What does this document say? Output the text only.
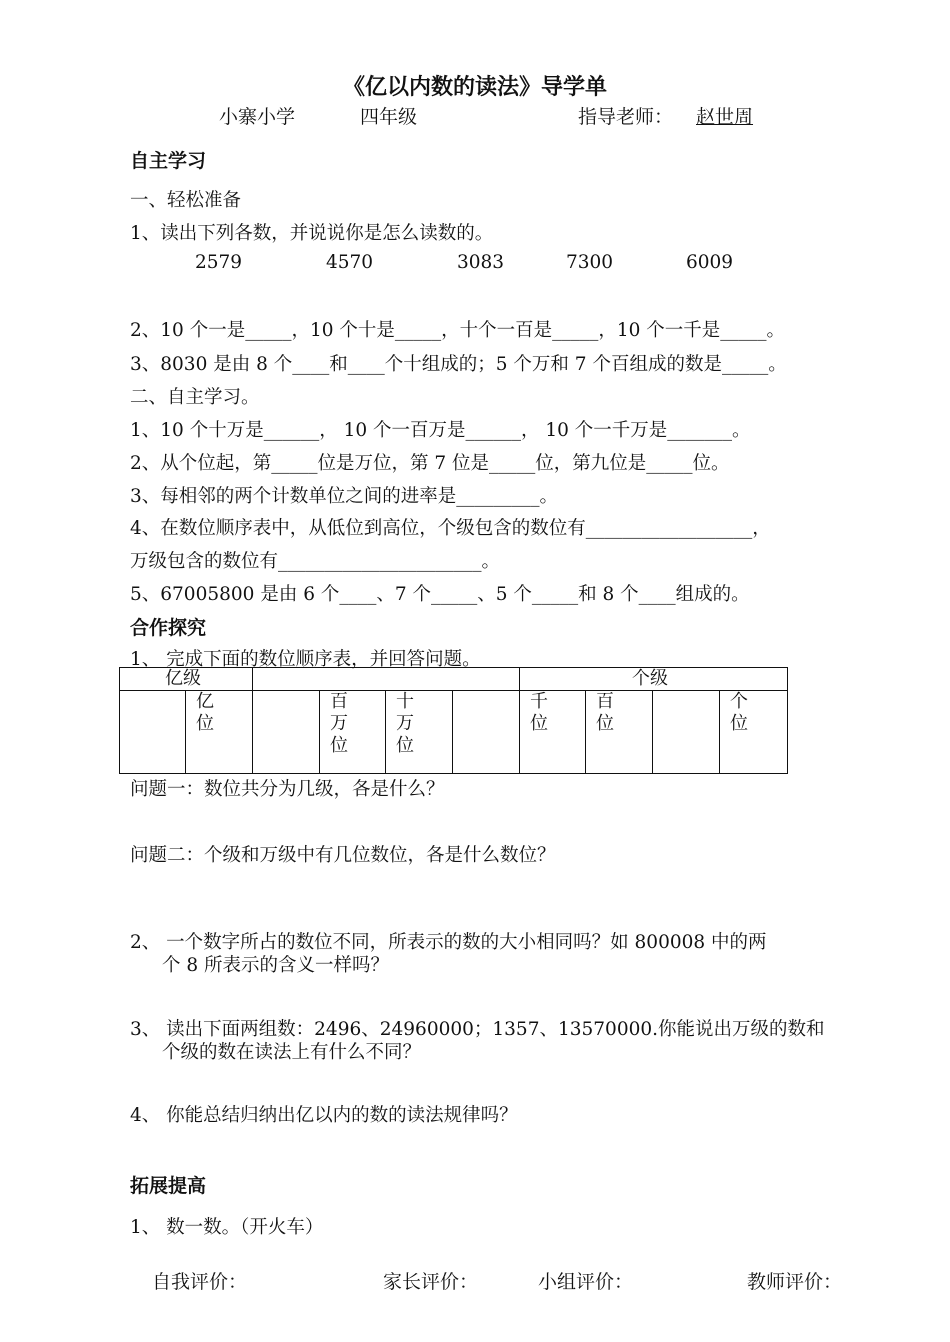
《亿以内数的读法》导学单
小寨小学	四年级	指导老师：	赵世周
自主学习
一、轻松准备
1、读出下列各数，并说说你是怎么读数的。
2579	4570	3083	7300	6009
2、10 个一是_____，10 个十是_____，十个一百是_____，10 个一千是_____。
3、8030 是由 8 个____和____个十组成的；5 个万和 7 个百组成的数是_____。
二、自主学习。
1、10 个十万是______， 10 个一百万是______， 10 个一千万是_______。
2、从个位起，第_____位是万位，第 7 位是_____位，第九位是_____位。
3、每相邻的两个计数单位之间的进率是_________。
4、在数位顺序表中，从低位到高位，个级包含的数位有__________________，
万级包含的数位有______________________。
5、67005800 是由 6 个____、7 个_____、5 个_____和 8 个____组成的。
合作探究
1、 完成下面的数位顺序表，并回答问题。
亿级						个级			
	亿位		百万位	十万位		千位	百位		个位
问题一：数位共分为几级，各是什么？
问题二：个级和万级中有几位数位，各是什么数位？
2、 一个数字所占的数位不同，所表示的数的大小相同吗？如 800008 中的两
个 8 所表示的含义一样吗？
3、 读出下面两组数：2496、24960000；1357、13570000.你能说出万级的数和
个级的数在读法上有什么不同？
4、 你能总结归纳出亿以内的数的读法规律吗？
拓展提高
1、 数一数。（开火车）
自我评价：	家长评价：	小组评价：	教师评价：
